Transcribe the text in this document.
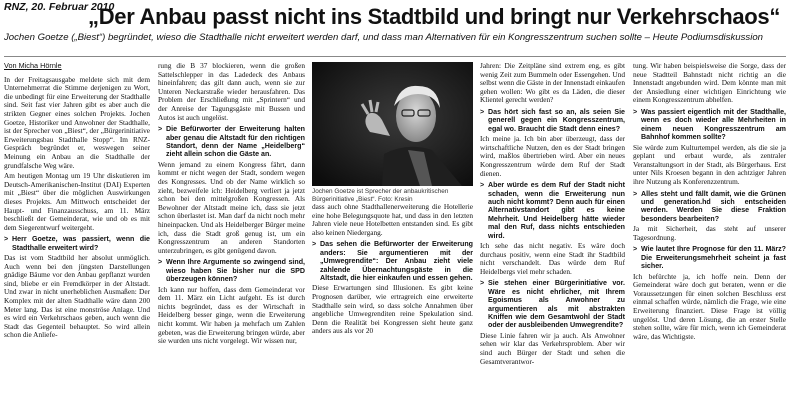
RNZ, 20. Februar 2010
„Der Anbau passt nicht ins Stadtbild und bringt nur Verkehrschaos“
Jochen Goetze („Biest“) begründet, wieso die Stadthalle nicht erweitert werden darf, und dass man Alternativen für ein Kongresszentrum suchen sollte – Heute Podiumsdiskussion

Von Micha Hörnle

In der Freitagsausgabe meldete sich mit dem Unternehmerrat die Stimme derjenigen zu Wort, die unbedingt für eine Erweiterung der Stadthalle sind. Seit fast vier Jahren gibt es aber auch die strikten Gegner eines solchen Projekts. Jochen Goetze, Historiker und Anwohner der Stadthalle, ist der Sprecher von „Biest“, der „Bürgerinitiative Erweiterungsbau Stadthalle Stopp“. Im RNZ-Gespräch begründet er, weswegen seiner Meinung ein Anbau an die Stadthalle der grundfalsche Weg wäre.

Am heutigen Montag um 19 Uhr diskutieren im Deutsch-Amerikanischen-Institut (DAI) Experten mit „Biest“ über die möglichen Auswirkungen dieses Projekts. Am Mittwoch entscheidet der Haupt- und Finanzausschuss, am 11. März beschließt der Gemeinderat, wie und ob es mit dem Siegerentwurf weitergeht.

> Herr Goetze, was passiert, wenn die Stadthalle erweitert wird?

Das ist vom Stadtbild her absolut unmöglich. Auch wenn bei den jüngsten Darstellungen gnädige Bäume vor den Anbau gepflanzt wurden sind, bliebe er ein Fremdkörper in der Altstadt. Und zwar in nicht unerheblichen Ausmaßen: Der Komplex mit der alten Stadthalle wäre dann 200 Meter lang. Das ist eine monströse Anlage. Und es wird ein Verkehrschaos geben, auch wenn die Stadt das Gegenteil behauptet. So wird allein schon die Anliefe-

rung die B 37 blockieren, wenn die großen Sattelschlepper in das Ladedeck des Anbaus hineinfahren; das gilt dann auch, wenn sie zur Unteren Neckarstraße wieder herausfahren. Das Problem der Erschließung mit „Sprintern“ und der Anreise der Tagungsgäste mit Bussen und Autos ist auch ungelöst.

> Die Befürworter der Erweiterung halten aber genau die Altstadt für den richtigen Standort, denn der Name „Heidelberg“ zieht allein schon die Gäste an.

Wenn jemand zu einem Kongress fährt, dann kommt er nicht wegen der Stadt, sondern wegen des Kongresses. Und ob der Name wirklich so zieht, bezweifele ich: Heidelberg verliert ja jetzt schon bei den mittelgroßen Kongressen. Als Bewohner der Altstadt meine ich, dass sie jetzt schon überlastet ist. Man darf da nicht noch mehr hineinpacken. Und als Heidelberger Bürger meine ich, dass die Stadt groß genug ist, um ein Kongresszentrum an anderen Standorten unterzubringen, es gibt genügend davon.

> Wenn Ihre Argumente so zwingend sind, wieso haben Sie bisher nur die SPD überzeugen können?

Ich kann nur hoffen, dass dem Gemeinderat vor dem 11. März ein Licht aufgeht. Es ist durch nichts begründet, dass es der Wirtschaft in Heidelberg besser ginge, wenn die Erweiterung nicht kommt. Wir haben ja mehrfach um Zahlen gebeten, was die Erweiterung bringen würde, aber sie wurden uns nicht vorgelegt. Wir wissen nur,

Jochen Goetze ist Sprecher der anbaukritischen Bürgerinitiative „Biest“. Foto: Kresin

dass auch ohne Stadthallenerweiterung die Hotellerie eine hohe Belegungsquote hat, und dass in den letzten Jahren viele neue Hotelbetten entstanden sind. Es gibt also keinen Niedergang.

> Das sehen die Befürworter der Erweiterung anders: Sie argumentieren mit der „Umwegrendite“: Der Anbau zieht viele zahlende Übernachtungsgäste in die Altstadt, die hier einkaufen und essen gehen.

Diese Erwartungen sind Illusionen. Es gibt keine Prognosen darüber, wie ertragreich eine erweiterte Stadthalle sein wird, so dass solche Annahmen über angebliche Umwegrenditen reine Spekulation sind. Denn die Realität bei Kongressen sieht heute ganz anders aus als vor 20

Jahren: Die Zeitpläne sind extrem eng, es gibt wenig Zeit zum Bummeln oder Essengehen. Und selbst wenn die Gäste in der Innenstadt einkaufen gehen wollen: Wo gibt es da Läden, die dieser Klientel gerecht werden?

> Das hört sich fast so an, als seien Sie generell gegen ein Kongresszentrum, egal wo. Braucht die Stadt denn eines?

Ich meine ja. Ich bin aber überzeugt, dass der wirtschaftliche Nutzen, den es der Stadt bringen wird, maßlos übertrieben wird. Aber ein neues Kongresszentrum würde dem Ruf der Stadt dienen.

> Aber würde es dem Ruf der Stadt nicht schaden, wenn die Erweiterung nun auch nicht kommt? Denn auch für einen Alternativstandort gibt es keine Mehrheit. Und Heidelberg hätte wieder mal den Ruf, dass nichts entschieden wird.

Ich sehe das nicht negativ. Es wäre doch durchaus positiv, wenn eine Stadt ihr Stadtbild nicht verschandelt. Das würde dem Ruf Heidelbergs viel mehr schaden.

> Sie stehen einer Bürgerinitiative vor. Wäre es nicht ehrlicher, mit Ihrem Egoismus als Anwohner zu argumentieren als mit abstrakten Kniffen wie dem Gesamtwohl der Stadt oder der ausbleibenden Umwegrendite?

Diese Linie fahren wir ja auch. Als Anwohner sehen wir klar das Verkehrsproblem. Aber wir sind auch Bürger der Stadt und sehen die Gesamtverantwor-

tung. Wir haben beispielsweise die Sorge, dass der neue Stadtteil Bahnstadt nicht richtig an die Innenstadt angebunden wird. Dem könnte man mit der Ansiedlung einer wichtigen Einrichtung wie einem Kongresszentrum abhelfen.

> Was passiert eigentlich mit der Stadthalle, wenn es doch wieder alle Mehrheiten in einem neuen Kongresszentrum am Bahnhof kommen sollte?

Sie würde zum Kulturtempel werden, als die sie ja geplant und erbaut wurde, als zentraler Veranstaltungsort in der Stadt, als Bürgerhaus. Erst unter Nils Kroesen begann in den achtziger Jahren ihre Nutzung als Konferenzzentrum.

> Alles steht und fällt damit, wie die Grünen und generation.hd sich entscheiden werden. Werden Sie diese Fraktion besonders bearbeiten?

Ja mit Sicherheit, das steht auf unserer Tagesordnung.

> Wie lautet Ihre Prognose für den 11. März? Die Erweiterungsmehrheit scheint ja fast sicher.

Ich befürchte ja, ich hoffe nein. Denn der Gemeinderat wäre doch gut beraten, wenn er die Voraussetzungen für einen solchen Beschluss erst einmal schaffen würde, nämlich die Frage, wie eine Erweiterung finanziert. Diese Frage ist völlig ungelöst. Und deren Lösung, die an erster Stelle stehen sollte, wäre für mich, wenn ich Gemeinderat wäre, das Wichtigste.
